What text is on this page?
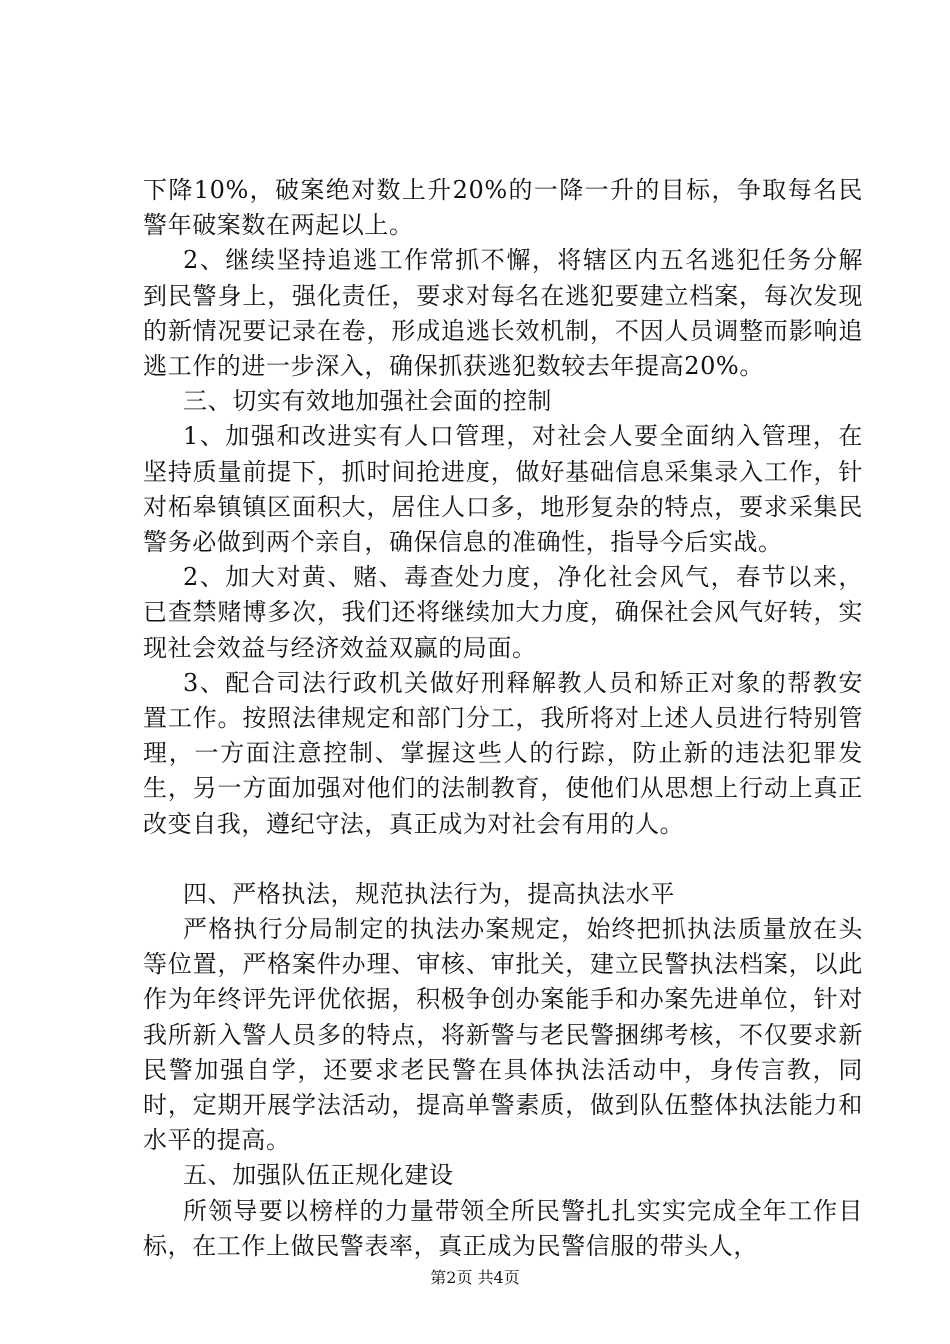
下降10%，破案绝对数上升20%的一降一升的目标，争取每名民警年破案数在两起以上。

2、继续坚持追逃工作常抓不懈，将辖区内五名逃犯任务分解到民警身上，强化责任，要求对每名在逃犯要建立档案，每次发现的新情况要记录在卷，形成追逃长效机制，不因人员调整而影响追逃工作的进一步深入，确保抓获逃犯数较去年提高20%。

三、切实有效地加强社会面的控制

1、加强和改进实有人口管理，对社会人要全面纳入管理，在坚持质量前提下，抓时间抢进度，做好基础信息采集录入工作，针对柘皋镇镇区面积大，居住人口多，地形复杂的特点，要求采集民警务必做到两个亲自，确保信息的准确性，指导今后实战。

2、加大对黄、赌、毒查处力度，净化社会风气，春节以来，已查禁赌博多次，我们还将继续加大力度，确保社会风气好转，实现社会效益与经济效益双赢的局面。

3、配合司法行政机关做好刑释解教人员和矫正对象的帮教安置工作。按照法律规定和部门分工，我所将对上述人员进行特别管理，一方面注意控制、掌握这些人的行踪，防止新的违法犯罪发生，另一方面加强对他们的法制教育，使他们从思想上行动上真正改变自我，遵纪守法，真正成为对社会有用的人。

四、严格执法，规范执法行为，提高执法水平

严格执行分局制定的执法办案规定，始终把抓执法质量放在头等位置，严格案件办理、审核、审批关，建立民警执法档案，以此作为年终评先评优依据，积极争创办案能手和办案先进单位，针对我所新入警人员多的特点，将新警与老民警捆绑考核，不仅要求新民警加强自学，还要求老民警在具体执法活动中，身传言教，同时，定期开展学法活动，提高单警素质，做到队伍整体执法能力和水平的提高。

五、加强队伍正规化建设

所领导要以榜样的力量带领全所民警扎扎实实完成全年工作目标，在工作上做民警表率，真正成为民警信服的带头人，

第2页 共4页
